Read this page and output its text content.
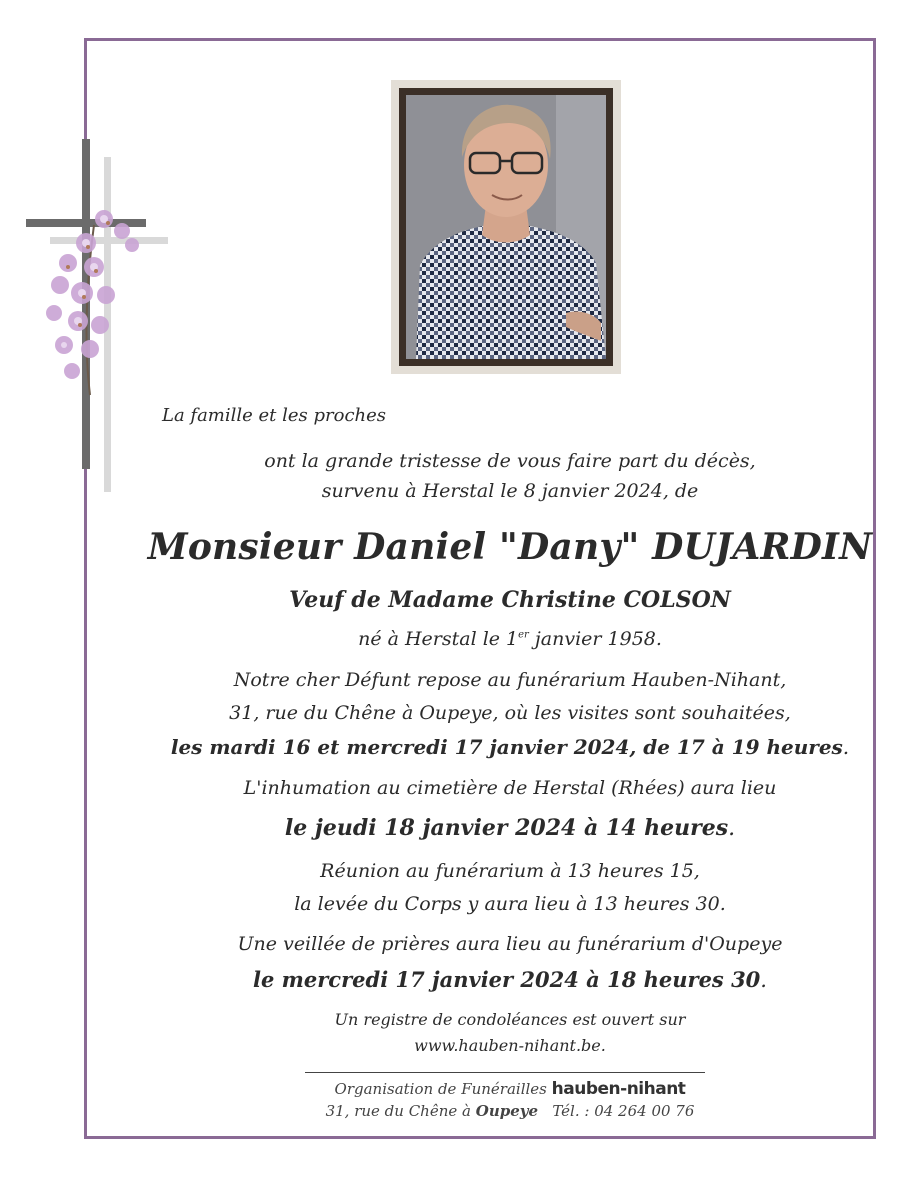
La famille et les proches
ont la grande tristesse de vous faire part du décès,
survenu à Herstal le 8 janvier 2024, de
Monsieur Daniel "Dany" DUJARDIN
Veuf de Madame Christine COLSON
né à Herstal le 1er janvier 1958.
Notre cher Défunt repose au funérarium Hauben-Nihant,
31, rue du Chêne à Oupeye, où les visites sont souhaitées,
les mardi 16 et mercredi 17 janvier 2024, de 17 à 19 heures.
L'inhumation au cimetière de Herstal (Rhées) aura lieu
le jeudi 18 janvier 2024 à 14 heures.
Réunion au funérarium à 13 heures 15,
la levée du Corps y aura lieu à 13 heures 30.
Une veillée de prières aura lieu au funérarium d'Oupeye
le mercredi 17 janvier 2024 à 18 heures 30.
Un registre de condoléances est ouvert sur
www.hauben-nihant.be.
Organisation de Funérailles hauben-nihant
31, rue du Chêne à Oupeye Tél. : 04 264 00 76
